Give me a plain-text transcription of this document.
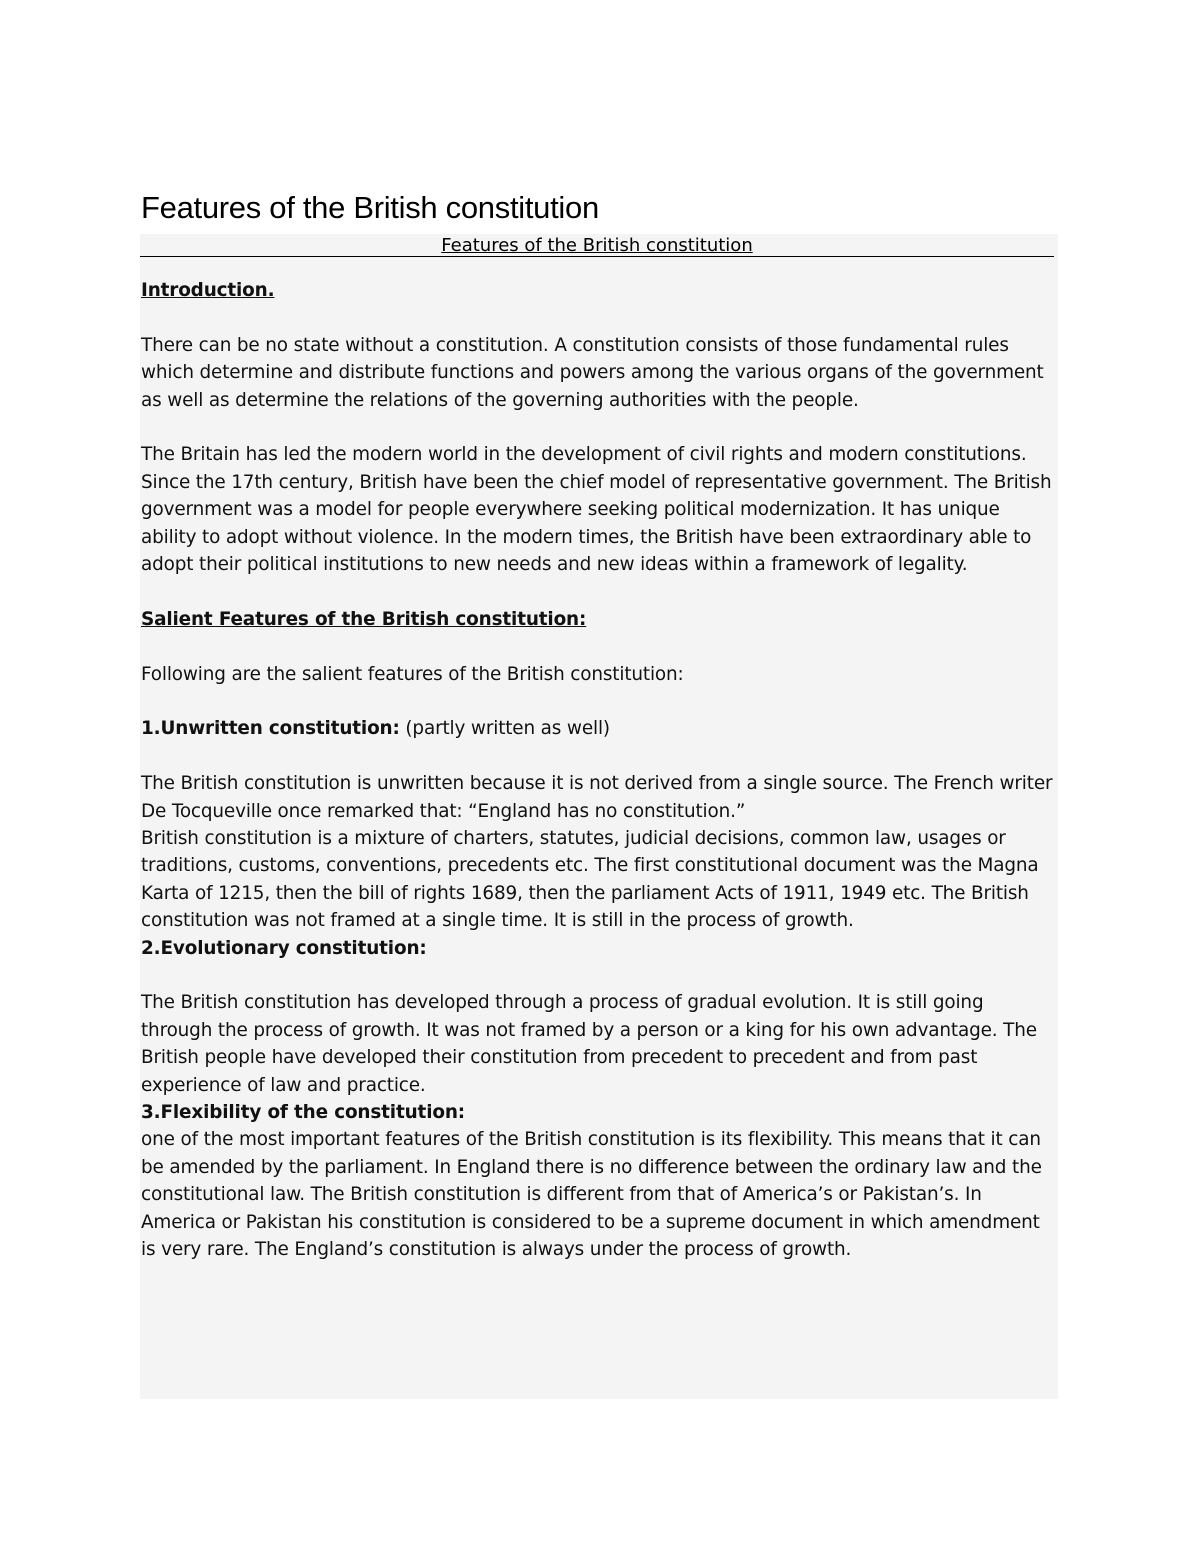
Features of the British constitution
Features of the British constitution

Introduction.

There can be no state without a constitution. A constitution consists of those fundamental rules which determine and distribute functions and powers among the various organs of the government as well as determine the relations of the governing authorities with the people.

The Britain has led the modern world in the development of civil rights and modern constitutions. Since the 17th century, British have been the chief model of representative government. The British government was a model for people everywhere seeking political modernization. It has unique ability to adopt without violence. In the modern times, the British have been extraordinary able to adopt their political institutions to new needs and new ideas within a framework of legality.

Salient Features of the British constitution:

Following are the salient features of the British constitution:

1.Unwritten constitution: (partly written as well)

The British constitution is unwritten because it is not derived from a single source. The French writer De Tocqueville once remarked that: “England has no constitution.”

British constitution is a mixture of charters, statutes, judicial decisions, common law, usages or traditions, customs, conventions, precedents etc. The first constitutional document was the Magna Karta of 1215, then the bill of rights 1689, then the parliament Acts of 1911, 1949 etc. The British constitution was not framed at a single time. It is still in the process of growth.

2.Evolutionary constitution:

The British constitution has developed through a process of gradual evolution. It is still going through the process of growth. It was not framed by a person or a king for his own advantage. The British people have developed their constitution from precedent to precedent and from past experience of law and practice.

3.Flexibility of the constitution:

one of the most important features of the British constitution is its flexibility. This means that it can be amended by the parliament. In England there is no difference between the ordinary law and the constitutional law. The British constitution is different from that of America’s or Pakistan’s. In America or Pakistan his constitution is considered to be a supreme document in which amendment is very rare. The England’s constitution is always under the process of growth.
